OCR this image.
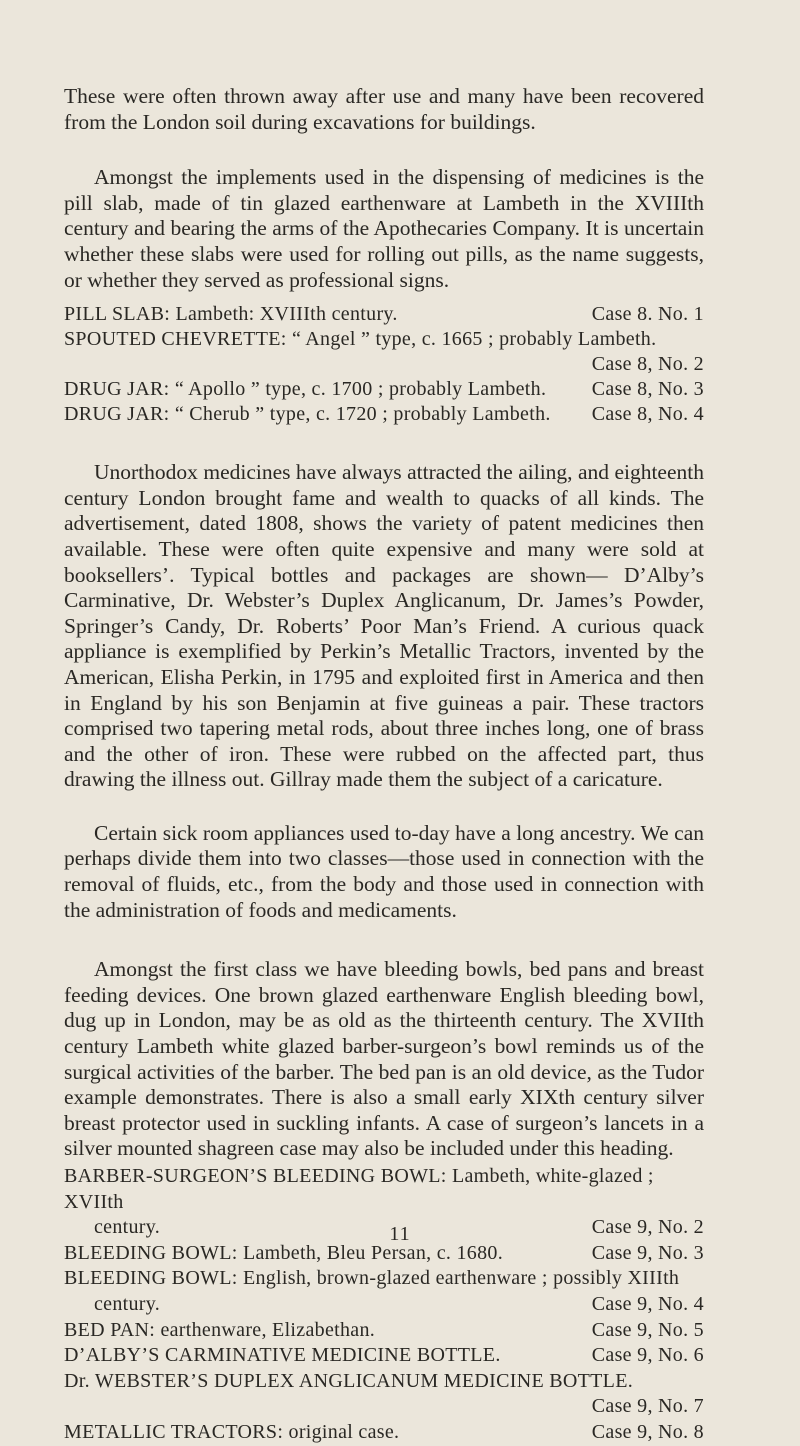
These were often thrown away after use and many have been recovered from the London soil during excavations for buildings.

Amongst the implements used in the dispensing of medicines is the pill slab, made of tin glazed earthenware at Lambeth in the XVIIIth century and bearing the arms of the Apothecaries Company. It is uncertain whether these slabs were used for rolling out pills, as the name suggests, or whether they served as professional signs.

PILL SLAB: Lambeth: XVIIIth century.	Case 8. No. 1
SPOUTED CHEVRETTE: “ Angel ” type, c. 1665 ; probably Lambeth.
Case 8, No. 2
DRUG JAR: “ Apollo ” type, c. 1700 ; probably Lambeth. Case 8, No. 3
DRUG JAR: “ Cherub ” type, c. 1720 ; probably Lambeth. Case 8, No. 4

Unorthodox medicines have always attracted the ailing, and eighteenth century London brought fame and wealth to quacks of all kinds. The advertisement, dated 1808, shows the variety of patent medicines then available. These were often quite expensive and many were sold at booksellers’. Typical bottles and packages are shown— D’Alby’s Carminative, Dr. Webster’s Duplex Anglicanum, Dr. James’s Powder, Springer’s Candy, Dr. Roberts’ Poor Man’s Friend. A curious quack appliance is exemplified by Perkin’s Metallic Tractors, invented by the American, Elisha Perkin, in 1795 and exploited first in America and then in England by his son Benjamin at five guineas a pair. These tractors comprised two tapering metal rods, about three inches long, one of brass and the other of iron. These were rubbed on the affected part, thus drawing the illness out. Gillray made them the subject of a caricature.

Certain sick room appliances used to-day have a long ancestry. We can perhaps divide them into two classes—those used in connection with the removal of fluids, etc., from the body and those used in connection with the administration of foods and medicaments.

Amongst the first class we have bleeding bowls, bed pans and breast feeding devices. One brown glazed earthenware English bleeding bowl, dug up in London, may be as old as the thirteenth century. The XVIIth century Lambeth white glazed barber-surgeon’s bowl reminds us of the surgical activities of the barber. The bed pan is an old device, as the Tudor example demonstrates. There is also a small early XIXth century silver breast protector used in suckling infants. A case of surgeon’s lancets in a silver mounted shagreen case may also be included under this heading.

BARBER-SURGEON’S BLEEDING BOWL: Lambeth, white-glazed ; XVIIth
century.	Case 9, No. 2
BLEEDING BOWL: Lambeth, Bleu Persan, c. 1680.	Case 9, No. 3
BLEEDING BOWL: English, brown-glazed earthenware ; possibly XIIIth
century.	Case 9, No. 4
BED PAN: earthenware, Elizabethan.	Case 9, No. 5
D’ALBY’S CARMINATIVE MEDICINE BOTTLE.	Case 9, No. 6
Dr. WEBSTER’S DUPLEX ANGLICANUM MEDICINE BOTTLE.
Case 9, No. 7
METALLIC TRACTORS: original case.	Case 9, No. 8
11
